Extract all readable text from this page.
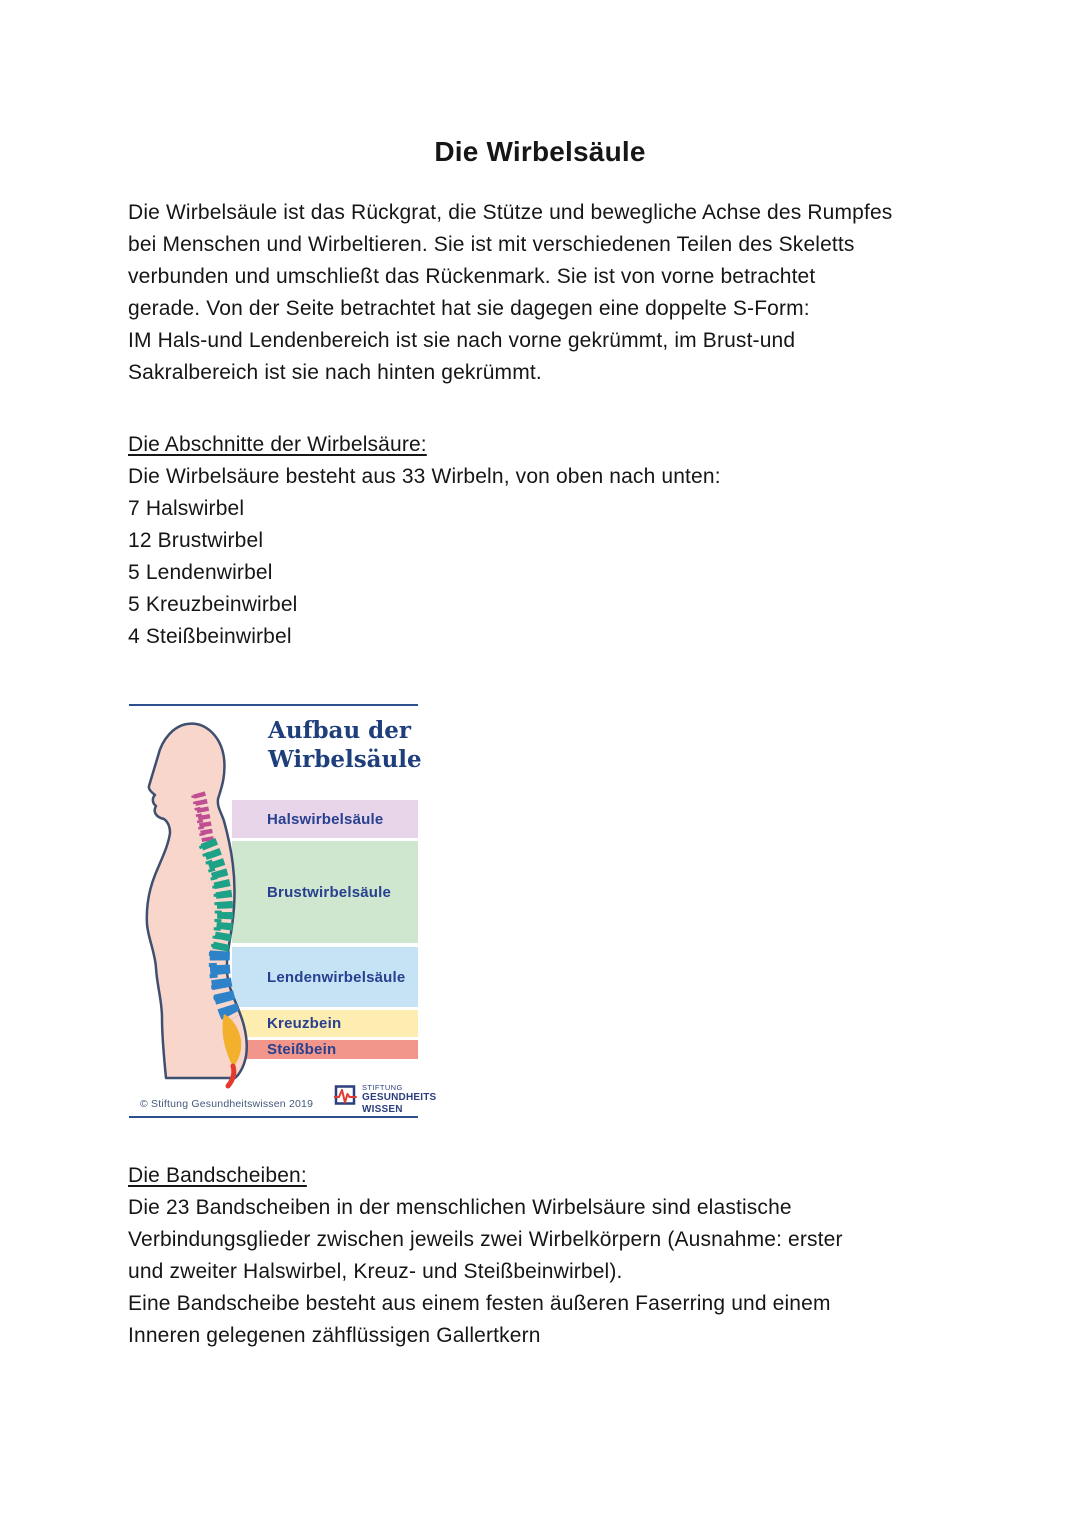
Die Wirbelsäule
Die Wirbelsäule ist das Rückgrat, die Stütze und bewegliche Achse des Rumpfes
bei Menschen und Wirbeltieren. Sie ist mit verschiedenen Teilen des Skeletts
verbunden und umschließt das Rückenmark. Sie ist von vorne betrachtet
gerade. Von der Seite betrachtet hat sie dagegen eine doppelte S-Form:
IM Hals-und Lendenbereich ist sie nach vorne gekrümmt, im Brust-und
Sakralbereich ist sie nach hinten gekrümmt.
Die Abschnitte der Wirbelsäure:
Die Wirbelsäure besteht aus 33 Wirbeln, von oben nach unten:
7 Halswirbel
12 Brustwirbel
5 Lendenwirbel
5 Kreuzbeinwirbel
4 Steißbeinwirbel
Aufbau der
Wirbelsäule
Halswirbelsäule
Brustwirbelsäule
Lendenwirbelsäule
Kreuzbein
Steißbein
© Stiftung Gesundheitswissen 2019
STIFTUNG
GESUNDHEITS
WISSEN
Die Bandscheiben:
Die 23 Bandscheiben in der menschlichen Wirbelsäure sind elastische
Verbindungsglieder zwischen jeweils zwei Wirbelkörpern (Ausnahme: erster
und zweiter Halswirbel, Kreuz- und Steißbeinwirbel).
Eine Bandscheibe besteht aus einem festen äußeren Faserring und einem
Inneren gelegenen zähflüssigen Gallertkern
